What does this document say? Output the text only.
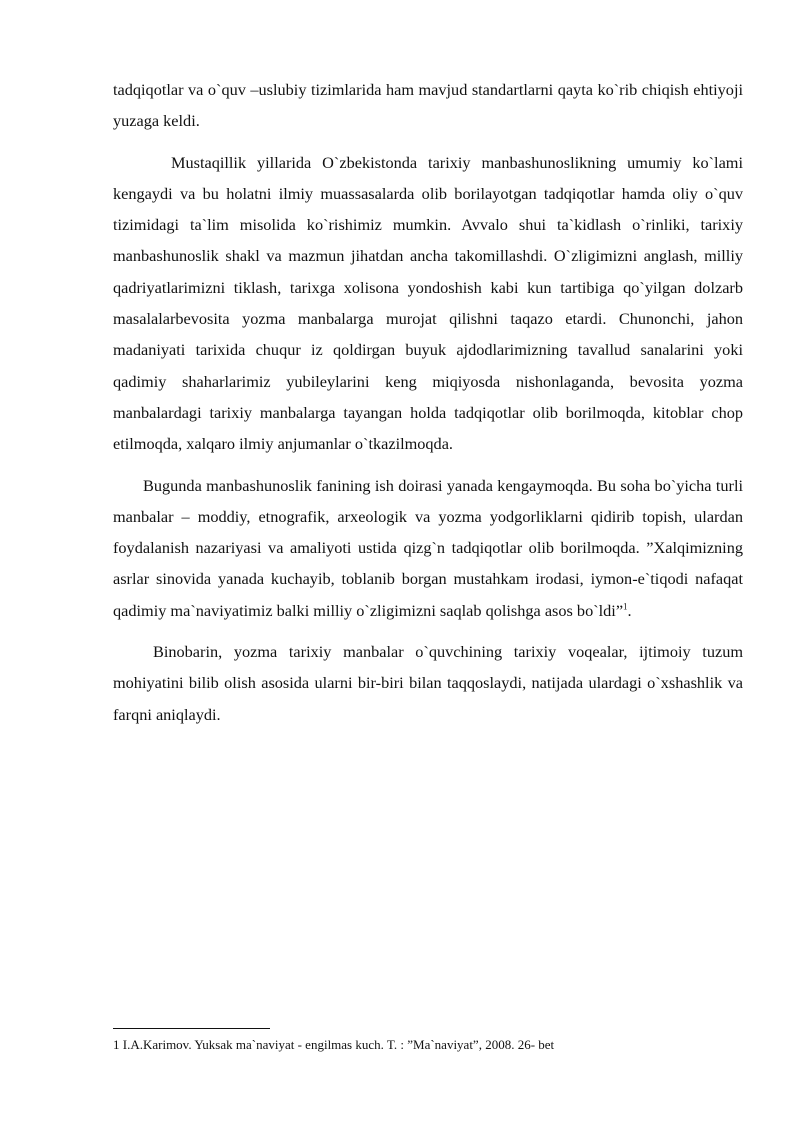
tadqiqotlar va o`quv –uslubiy tizimlarida ham mavjud standartlarni qayta ko`rib chiqish ehtiyoji yuzaga keldi.

Mustaqillik yillarida O`zbekistonda tarixiy manbashunoslikning umumiy ko`lami kengaydi va bu holatni ilmiy muassasalarda olib borilayotgan tadqiqotlar hamda oliy o`quv tizimidagi ta`lim misolida ko`rishimiz mumkin. Avvalo shui ta`kidlash o`rinliki, tarixiy manbashunoslik shakl va mazmun jihatdan ancha takomillashdi. O`zligimizni anglash, milliy qadriyatlarimizni tiklash, tarixga xolisona yondoshish kabi kun tartibiga qo`yilgan dolzarb masalalarbevosita yozma manbalarga murojat qilishni taqazo etardi. Chunonchi, jahon madaniyati tarixida chuqur iz qoldirgan buyuk ajdodlarimizning tavallud sanalarini yoki qadimiy shaharlarimiz yubileylarini keng miqiyosda nishonlaganda, bevosita yozma manbalardagi tarixiy manbalarga tayangan holda tadqiqotlar olib borilmoqda, kitoblar chop etilmoqda, xalqaro ilmiy anjumanlar o`tkazilmoqda.

Bugunda manbashunoslik fanining ish doirasi yanada kengaymoqda. Bu soha bo`yicha turli manbalar – moddiy, etnografik, arxeologik va yozma yodgorliklarni qidirib topish, ulardan foydalanish nazariyasi va amaliyoti ustida qizg`n tadqiqotlar olib borilmoqda. ”Xalqimizning asrlar sinovida yanada kuchayib, toblanib borgan mustahkam irodasi, iymon-e`tiqodi nafaqat qadimiy ma`naviyatimiz balki milliy o`zligimizni saqlab qolishga asos bo`ldi”$^1$.

Binobarin, yozma tarixiy manbalar o`quvchining tarixiy voqealar, ijtimoiy tuzum mohiyatini bilib olish asosida ularni bir-biri bilan taqqoslaydi, natijada ulardagi o`xshashlik va farqni aniqlaydi.

1 I.A.Karimov. Yuksak ma`naviyat - engilmas kuch. T. : ”Ma`naviyat”, 2008. 26- bet
